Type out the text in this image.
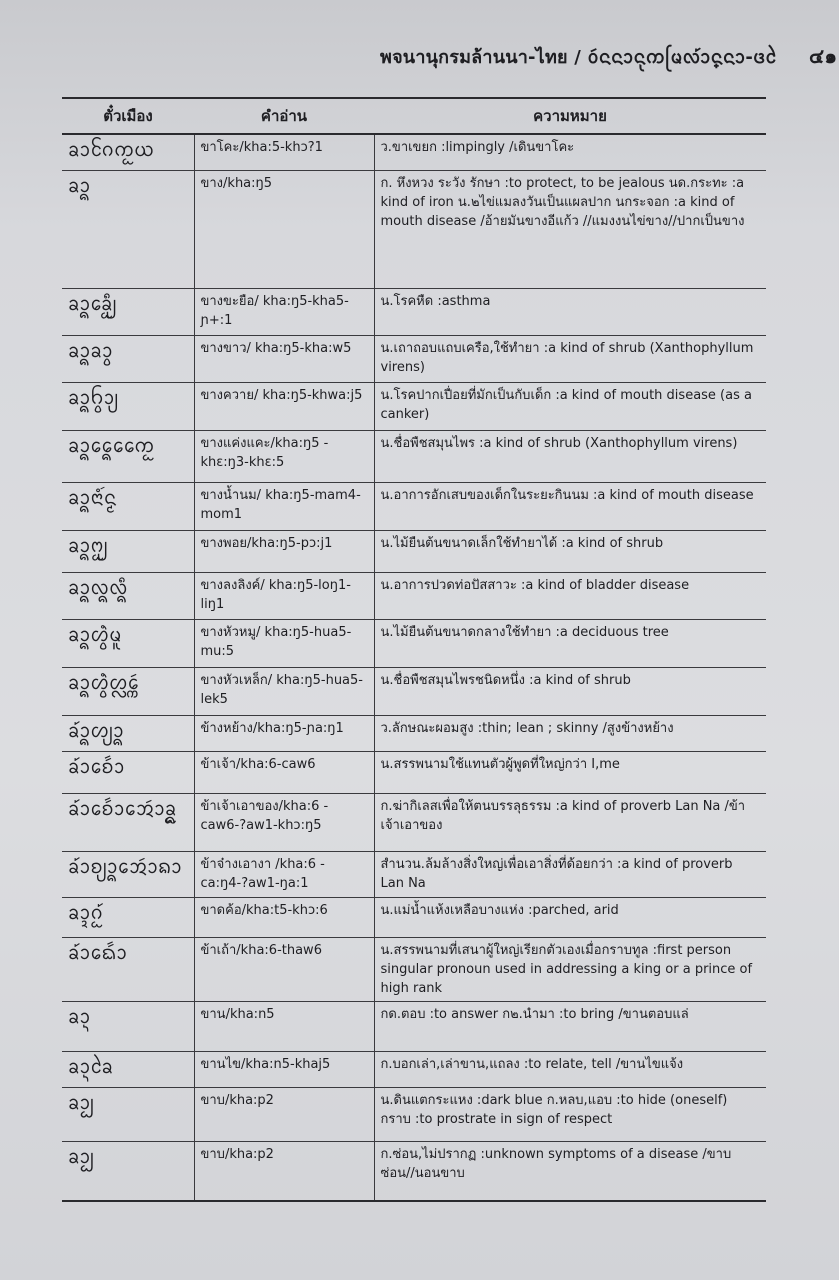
พจนานุกรมล้านนา-ไทย / ᩅᩢᨶᨶᩣᨶᩩᨠᩕᨾᩃ᩶ᩣ᩠ᨶᨶᩣ-ᨴᩱ ๔๑
ตั๋วเมือง	คำอ่าน	ความหมาย
ᨡᩣᨣᩰᨠᩬᨿ	ขาโคะ/kha:5-khɔ?1	ว.ขาเขยก :limpingly /เดินขาโคะ
ᨡᩣ᩠ᨦ	ขาง/kha:ŋ5	ก. หึงหวง ระวัง รักษา :to protect, to be jealous นด.กระทะ :a kind of iron น.๒ไข่แมลงวันเป็นแผลปาก นกระจอก :a kind of mouth disease /อ้ายมันขางอีแก้ว //แมงงนไข่ขาง//ปากเป็นขาง
ᨡᩣ᩠ᨦᨡᩮᩬᩥ᩠ᨿ	ขางขะยือ/ kha:ŋ5-kha5-ɲ+:1	น.โรคหืด :asthma
ᨡᩣ᩠ᨦᨡᩣ᩠ᩅ	ขางขาว/ kha:ŋ5-kha:w5	น.เถาถอบแถบเครือ,ใช้ทำยา :a kind of shrub (Xanthophyllum virens)
ᨡᩣ᩠ᨦᨤ᩠ᩅᩣ᩠ᨿ	ขางควาย/ kha:ŋ5-khwa:j5	น.โรคปากเปื่อยที่มักเป็นกับเด็ก :a kind of mouth disease (as a canker)
ᨡᩣ᩠ᨦᩯ᩠ᨦᨠᩯᩬ	ขางแค่งแคะ/kha:ŋ5 -khɛ:ŋ3-khɛ:5	น.ชื่อพืชสมุนไพร :a kind of shrub (Xanthophyllum virens)
ᨡᩣ᩠ᨦᨶᩣᩴ᩶ᨶ᩠ᨾ	ขางน้ำนม/ kha:ŋ5-mam4-mom1	น.อาการอักเสบของเด็กในระยะกินนม :a kind of mouth disease
ᨡᩣ᩠ᨦᨻᩬ᩠ᨿ	ขางพอย/kha:ŋ5-pɔ:j1	น.ไม้ยืนต้นขนาดเล็กใช้ทำยาได้ :a kind of shrub
ᨡᩣ᩠ᨦᩃ᩠ᨦᩃᩥ᩠ᨦ	ขางลงลิงค์/ kha:ŋ5-loŋ1-liŋ1	น.อาการปวดท่อปัสสาวะ :a kind of bladder disease
ᨡᩣ᩠ᨦᩉ᩠ᩅᩫᨾᩪ	ขางหัวหมู/ kha:ŋ5-hua5-mu:5	น.ไม้ยืนต้นขนาดกลางใช้ทำยา :a deciduous tree
ᨡᩣ᩠ᨦᩉ᩠ᩅᩫᩉᩖᩮᩢ᩠ᨠ	ขางหัวเหล็ก/ kha:ŋ5-hua5-lek5	น.ชื่อพืชสมุนไพรชนิดหนึ่ง :a kind of shrub
ᨡ᩶ᩣ᩠ᨦᩉ᩠ᨿᩣ᩠ᨦ	ข้างหย้าง/kha:ŋ5-ɲa:ŋ1	ว.ลักษณะผอมสูง :thin; lean ; skinny /สูงข้างหย้าง
ᨡ᩶ᩣᨧᩮᩢ᩶ᩣ	ข้าเจ้า/kha:6-caw6	น.สรรพนามใช้แทนตัวผู้พูดที่ใหญ่กว่า I,me
ᨡ᩶ᩣᨧᩮᩢ᩶ᩣᩋᩮᩢᩣᨡᩬ᩠ᨦ	ข้าเจ้าเอาของ/kha:6 -caw6-?aw1-khɔ:ŋ5	ก.ฆ่ากิเลสเพื่อให้ตนบรรลุธรรม :a kind of proverb Lan Na /ข้าเจ้าเอาของ
ᨡ᩶ᩣᨧ᩠ᨿᩣ᩠ᨦᩋᩮᩢᩣᨦᩣ	ข้าจ๋างเอางา /kha:6 -ca:ŋ4-?aw1-ŋa:1	สำนวน.ล้มล้างสิ่งใหญ่เพื่อเอาสิ่งที่ด้อยกว่า :a kind of proverb Lan Na
ᨡᩣ᩠ᨯᨣᩬ᩶	ขาดค้อ/kha:t5-khɔ:6	น.แม่น้ำแห้งเหลือบางแห่ง :parched, arid
ᨡ᩶ᩣᨳᩮᩢ᩶ᩣ	ข้าเถ้า/kha:6-thaw6	น.สรรพนามที่เสนาผู้ใหญ่เรียกตัวเองเมื่อกราบทูล :first person singular pronoun used in addressing a king or a prince of high rank
ᨡᩣ᩠ᨶ	ขาน/kha:n5	กด.ตอบ :to answer ก๒.นำมา :to bring /ขานตอบแล่
ᨡᩣ᩠ᨶᨡᩱ	ขานไข/kha:n5-khaj5	ก.บอกเล่า,เล่าขาน,แถลง :to relate, tell /ขานไขแจ้ง
ᨡᩣ᩠ᨷ	ขาบ/kha:p2	น.ดินแตกระแหง :dark blue ก.หลบ,แอบ :to hide (oneself) กราบ :to prostrate in sign of respect
ᨡᩣ᩠ᨷ	ขาบ/kha:p2	ก.ซ่อน,ไม่ปรากฏ :unknown symptoms of a disease /ขาบซ่อน//นอนขาบ
